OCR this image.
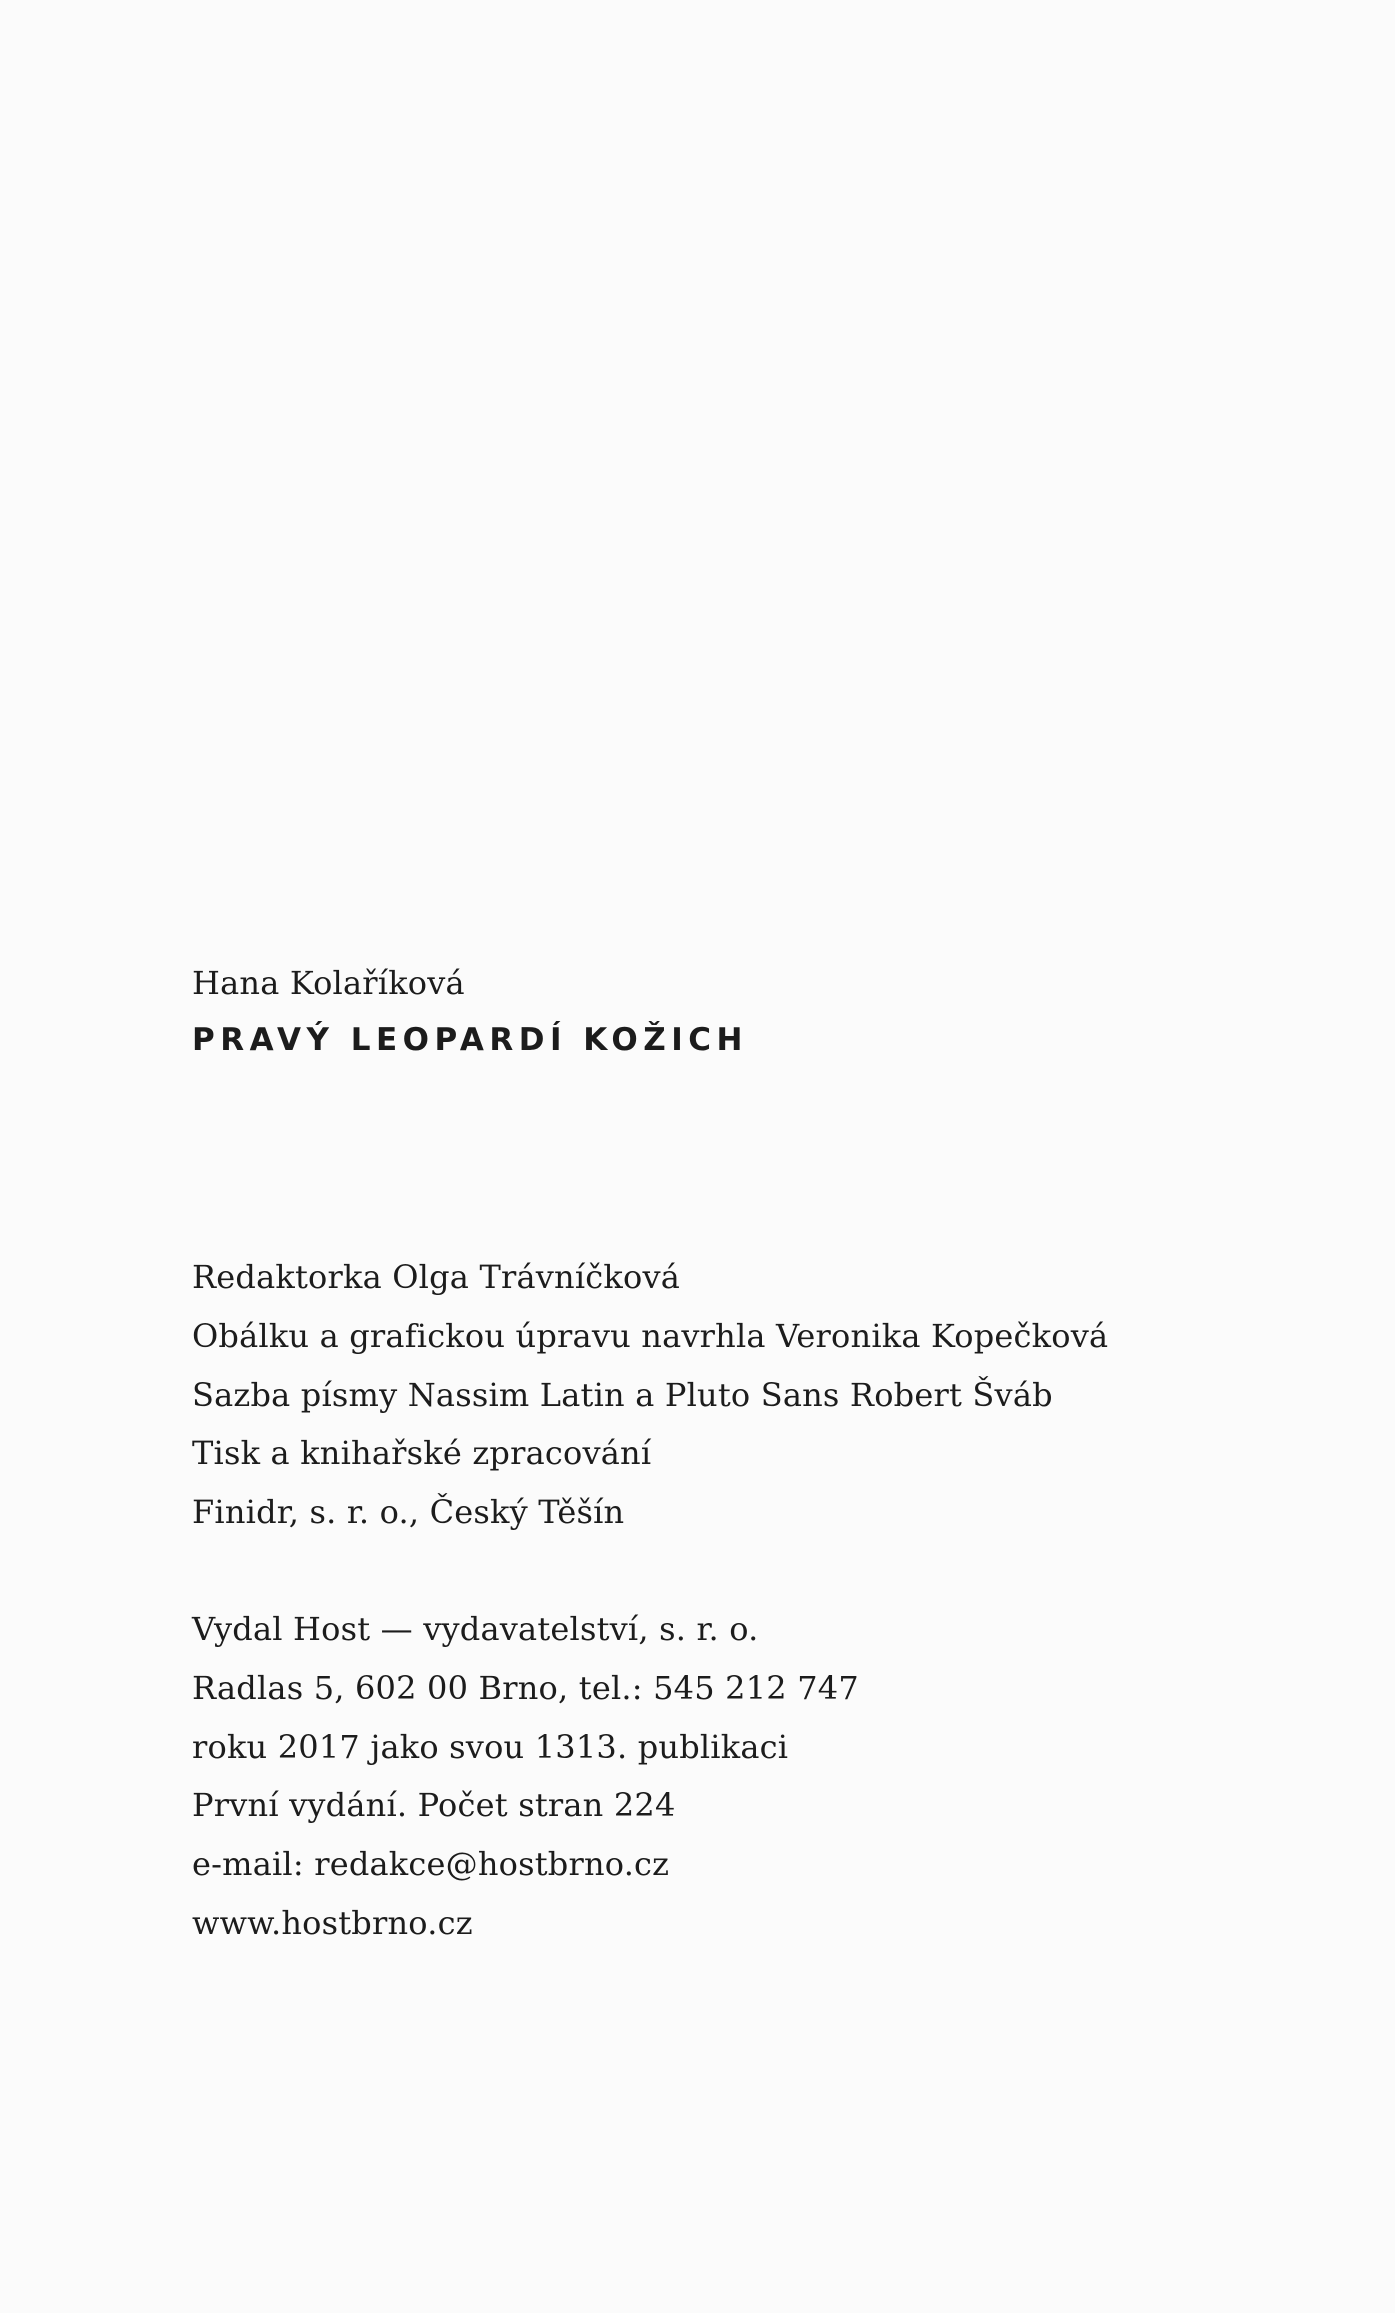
Hana Kolaříková
PRAVÝ LEOPARDÍ KOŽICH
Redaktorka Olga Trávníčková
Obálku a grafickou úpravu navrhla Veronika Kopečková
Sazba písmy Nassim Latin a Pluto Sans Robert Šváb
Tisk a knihařské zpracování
Finidr, s. r. o., Český Těšín
Vydal Host — vydavatelství, s. r. o.
Radlas 5, 602 00 Brno, tel.: 545 212 747
roku 2017 jako svou 1313. publikaci
První vydání. Počet stran 224
e-mail: redakce@hostbrno.cz
www.hostbrno.cz
